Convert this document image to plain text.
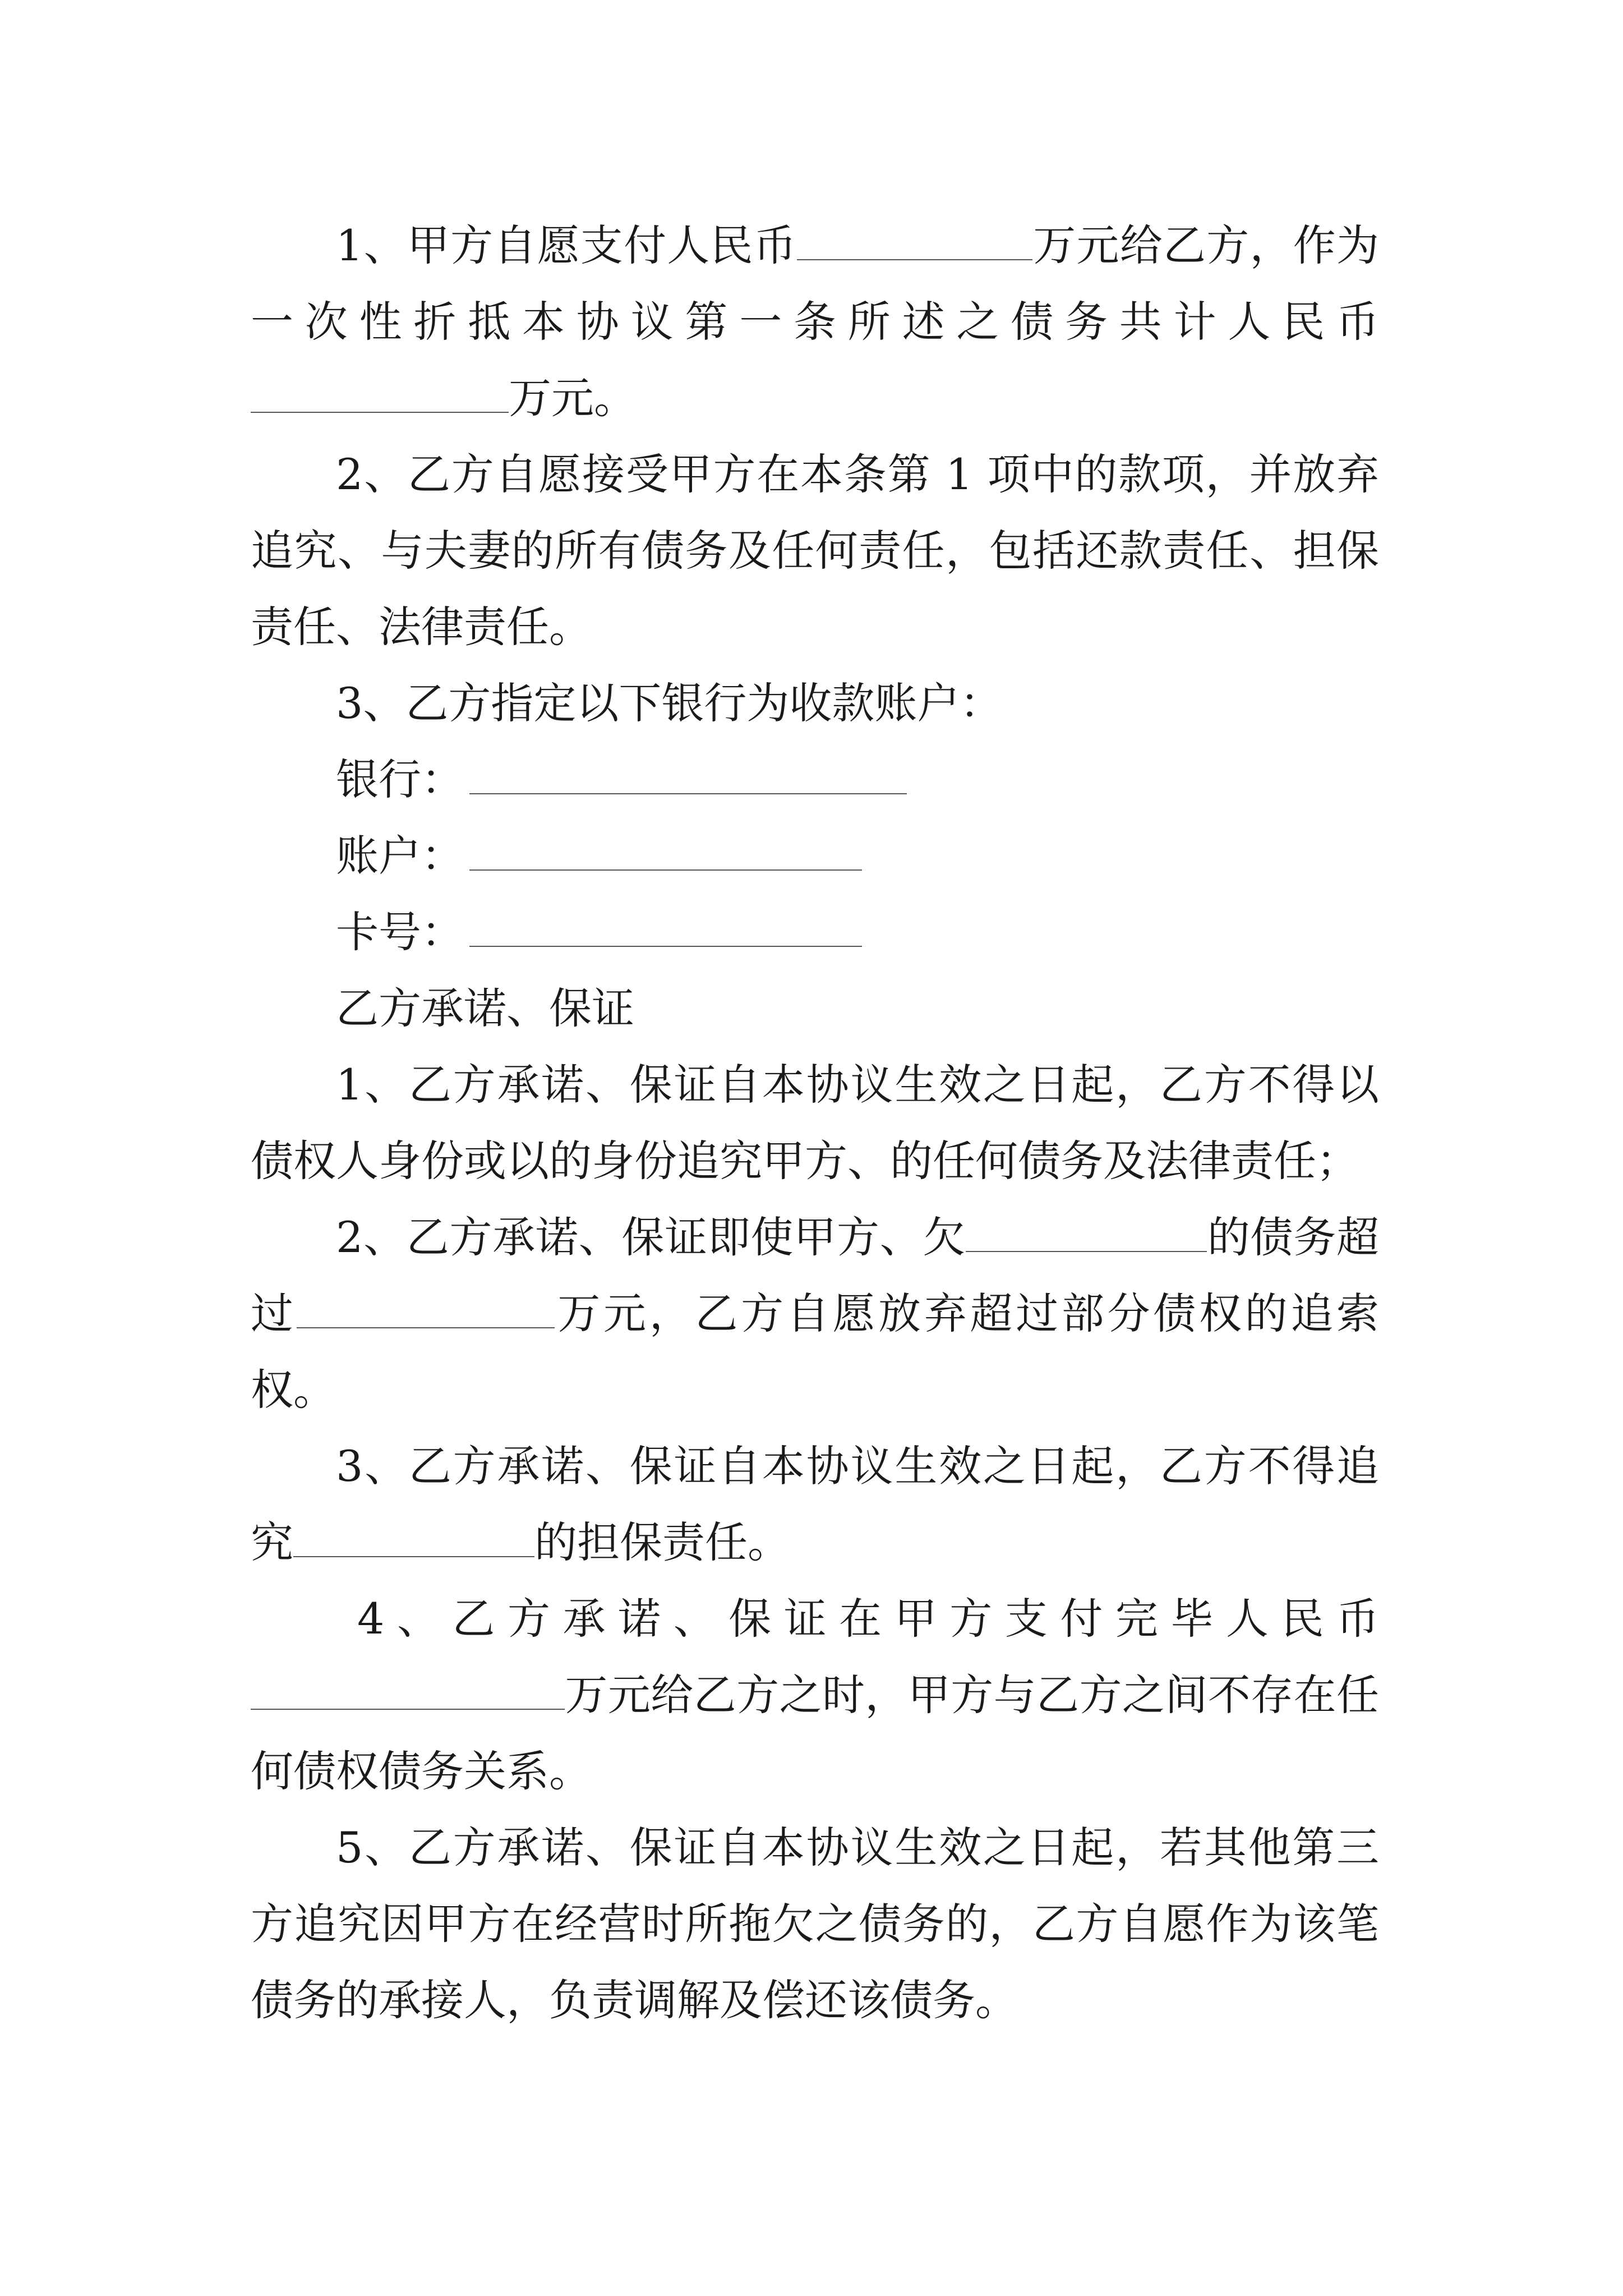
1、甲方自愿支付人民币	万元给乙方，作为一次性折抵本协议第一条所述之债务共计人民币万元。

2、乙方自愿接受甲方在本条第 1 项中的款项，并放弃追究、与夫妻的所有债务及任何责任，包括还款责任、担保责任、法律责任。

3、乙方指定以下银行为收款账户：

银行：

账户：

卡号：

乙方承诺、保证

1、乙方承诺、保证自本协议生效之日起，乙方不得以债权人身份或以的身份追究甲方、的任何债务及法律责任；

2、乙方承诺、保证即使甲方、欠	的债务超过	万元，乙方自愿放弃超过部分债权的追索权。

3、乙方承诺、保证自本协议生效之日起，乙方不得追究	的担保责任。

4、乙方承诺、保证在甲方支付完毕人民币万元给乙方之时，甲方与乙方之间不存在任何债权债务关系。

5、乙方承诺、保证自本协议生效之日起，若其他第三方追究因甲方在经营时所拖欠之债务的，乙方自愿作为该笔债务的承接人，负责调解及偿还该债务。
